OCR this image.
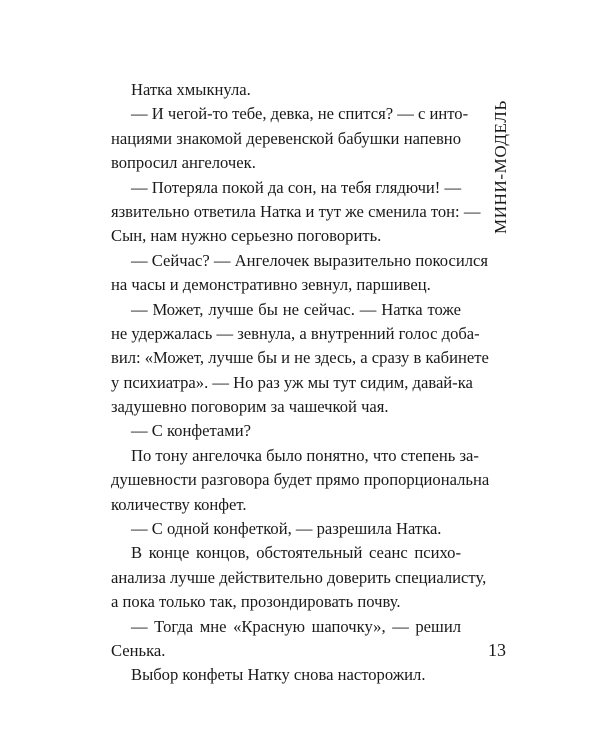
Натка хмыкнула.
— И чегой-то тебе, девка, не спится? — с инто-
нациями знакомой деревенской бабушки напевно
вопросил ангелочек.
— Потеряла покой да сон, на тебя глядючи! —
язвительно ответила Натка и тут же сменила тон: —
Сын, нам нужно серьезно поговорить.
— Сейчас? — Ангелочек выразительно покосился
на часы и демонстративно зевнул, паршивец.
— Может, лучше бы не сейчас. — Натка тоже
не удержалась — зевнула, а внутренний голос доба-
вил: «Может, лучше бы и не здесь, а сразу в кабинете
у психиатра». — Но раз уж мы тут сидим, давай-ка
задушевно поговорим за чашечкой чая.
— С конфетами?
По тону ангелочка было понятно, что степень за-
душевности разговора будет прямо пропорциональна
количеству конфет.
— С одной конфеткой, — разрешила Натка.
В конце концов, обстоятельный сеанс психо-
анализа лучше действительно доверить специалисту,
а пока только так, прозондировать почву.
— Тогда мне «Красную шапочку», — решил
Сенька.
Выбор конфеты Натку снова насторожил.
МИНИ-МОДЕЛЬ
13
